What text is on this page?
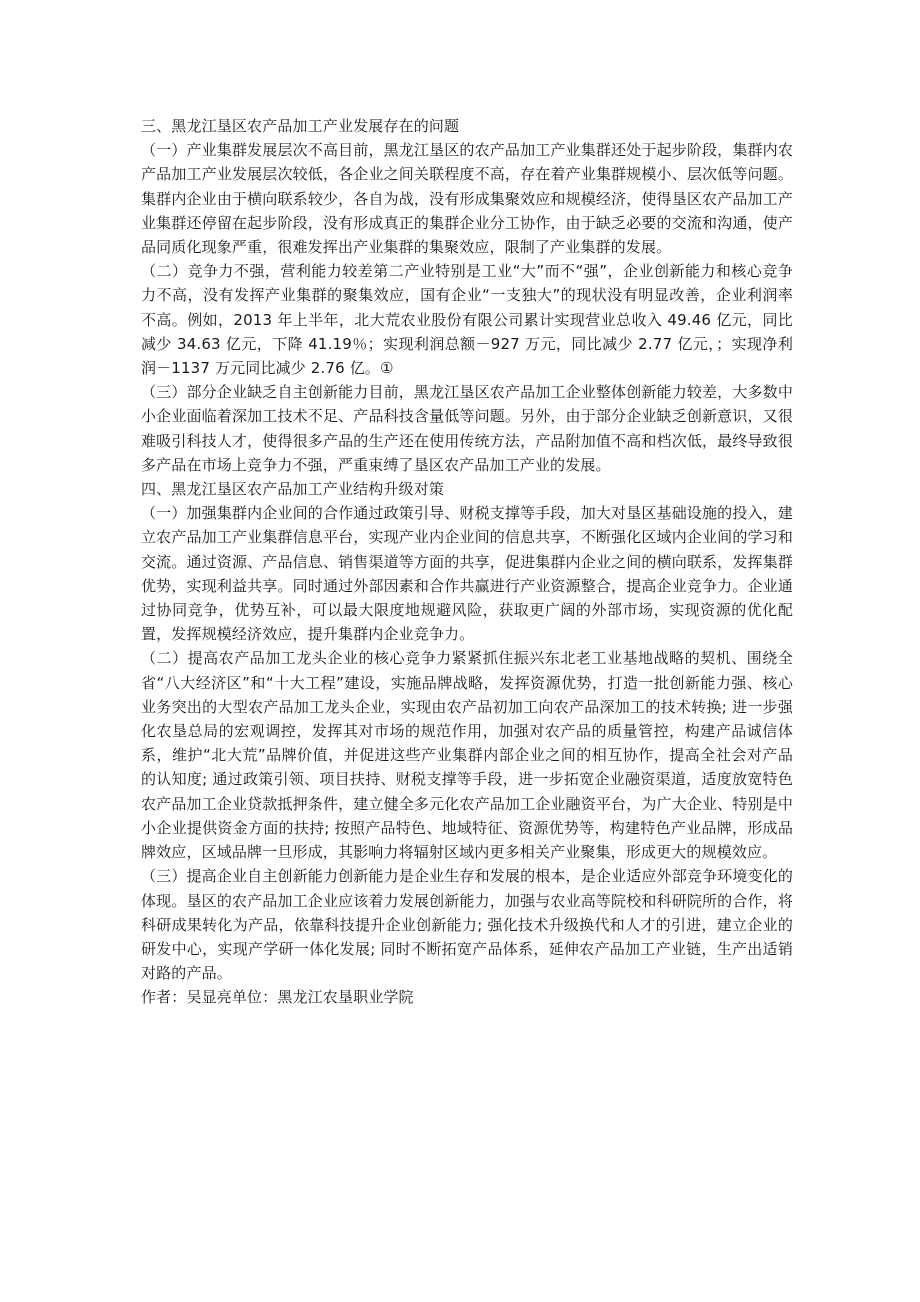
三、黑龙江垦区农产品加工产业发展存在的问题

（一）产业集群发展层次不高目前，黑龙江垦区的农产品加工产业集群还处于起步阶段，集群内农产品加工产业发展层次较低，各企业之间关联程度不高，存在着产业集群规模小、层次低等问题。集群内企业由于横向联系较少，各自为战，没有形成集聚效应和规模经济，使得垦区农产品加工产业集群还停留在起步阶段，没有形成真正的集群企业分工协作，由于缺乏必要的交流和沟通，使产品同质化现象严重，很难发挥出产业集群的集聚效应，限制了产业集群的发展。

（二）竞争力不强，营利能力较差第二产业特别是工业“大”而不“强”，企业创新能力和核心竞争力不高，没有发挥产业集群的聚集效应，国有企业“一支独大”的现状没有明显改善，企业利润率不高。例如，2013 年上半年，北大荒农业股份有限公司累计实现营业总收入 49.46 亿元，同比减少 34.63 亿元，下降 41.19％；实现利润总额－927 万元，同比减少 2.77 亿元，；实现净利润－1137 万元同比减少 2.76 亿。①

（三）部分企业缺乏自主创新能力目前，黑龙江垦区农产品加工企业整体创新能力较差，大多数中小企业面临着深加工技术不足、产品科技含量低等问题。另外，由于部分企业缺乏创新意识，又很难吸引科技人才，使得很多产品的生产还在使用传统方法，产品附加值不高和档次低，最终导致很多产品在市场上竞争力不强，严重束缚了垦区农产品加工产业的发展。

四、黑龙江垦区农产品加工产业结构升级对策

（一）加强集群内企业间的合作通过政策引导、财税支撑等手段，加大对垦区基础设施的投入，建立农产品加工产业集群信息平台，实现产业内企业间的信息共享，不断强化区域内企业间的学习和交流。通过资源、产品信息、销售渠道等方面的共享，促进集群内企业之间的横向联系，发挥集群优势，实现利益共享。同时通过外部因素和合作共赢进行产业资源整合，提高企业竞争力。企业通过协同竞争，优势互补，可以最大限度地规避风险，获取更广阔的外部市场，实现资源的优化配置，发挥规模经济效应，提升集群内企业竞争力。

（二）提高农产品加工龙头企业的核心竞争力紧紧抓住振兴东北老工业基地战略的契机、围绕全省“八大经济区”和“十大工程”建设，实施品牌战略，发挥资源优势，打造一批创新能力强、核心业务突出的大型农产品加工龙头企业，实现由农产品初加工向农产品深加工的技术转换; 进一步强化农垦总局的宏观调控，发挥其对市场的规范作用，加强对农产品的质量管控，构建产品诚信体系，维护“北大荒”品牌价值，并促进这些产业集群内部企业之间的相互协作，提高全社会对产品的认知度; 通过政策引领、项目扶持、财税支撑等手段，进一步拓宽企业融资渠道，适度放宽特色农产品加工企业贷款抵押条件，建立健全多元化农产品加工企业融资平台，为广大企业、特别是中小企业提供资金方面的扶持; 按照产品特色、地域特征、资源优势等，构建特色产业品牌，形成品牌效应，区域品牌一旦形成，其影响力将辐射区域内更多相关产业聚集，形成更大的规模效应。

（三）提高企业自主创新能力创新能力是企业生存和发展的根本，是企业适应外部竞争环境变化的体现。垦区的农产品加工企业应该着力发展创新能力，加强与农业高等院校和科研院所的合作，将科研成果转化为产品，依靠科技提升企业创新能力; 强化技术升级换代和人才的引进，建立企业的研发中心，实现产学研一体化发展; 同时不断拓宽产品体系，延伸农产品加工产业链，生产出适销对路的产品。

作者：吴显亮单位：黑龙江农垦职业学院
